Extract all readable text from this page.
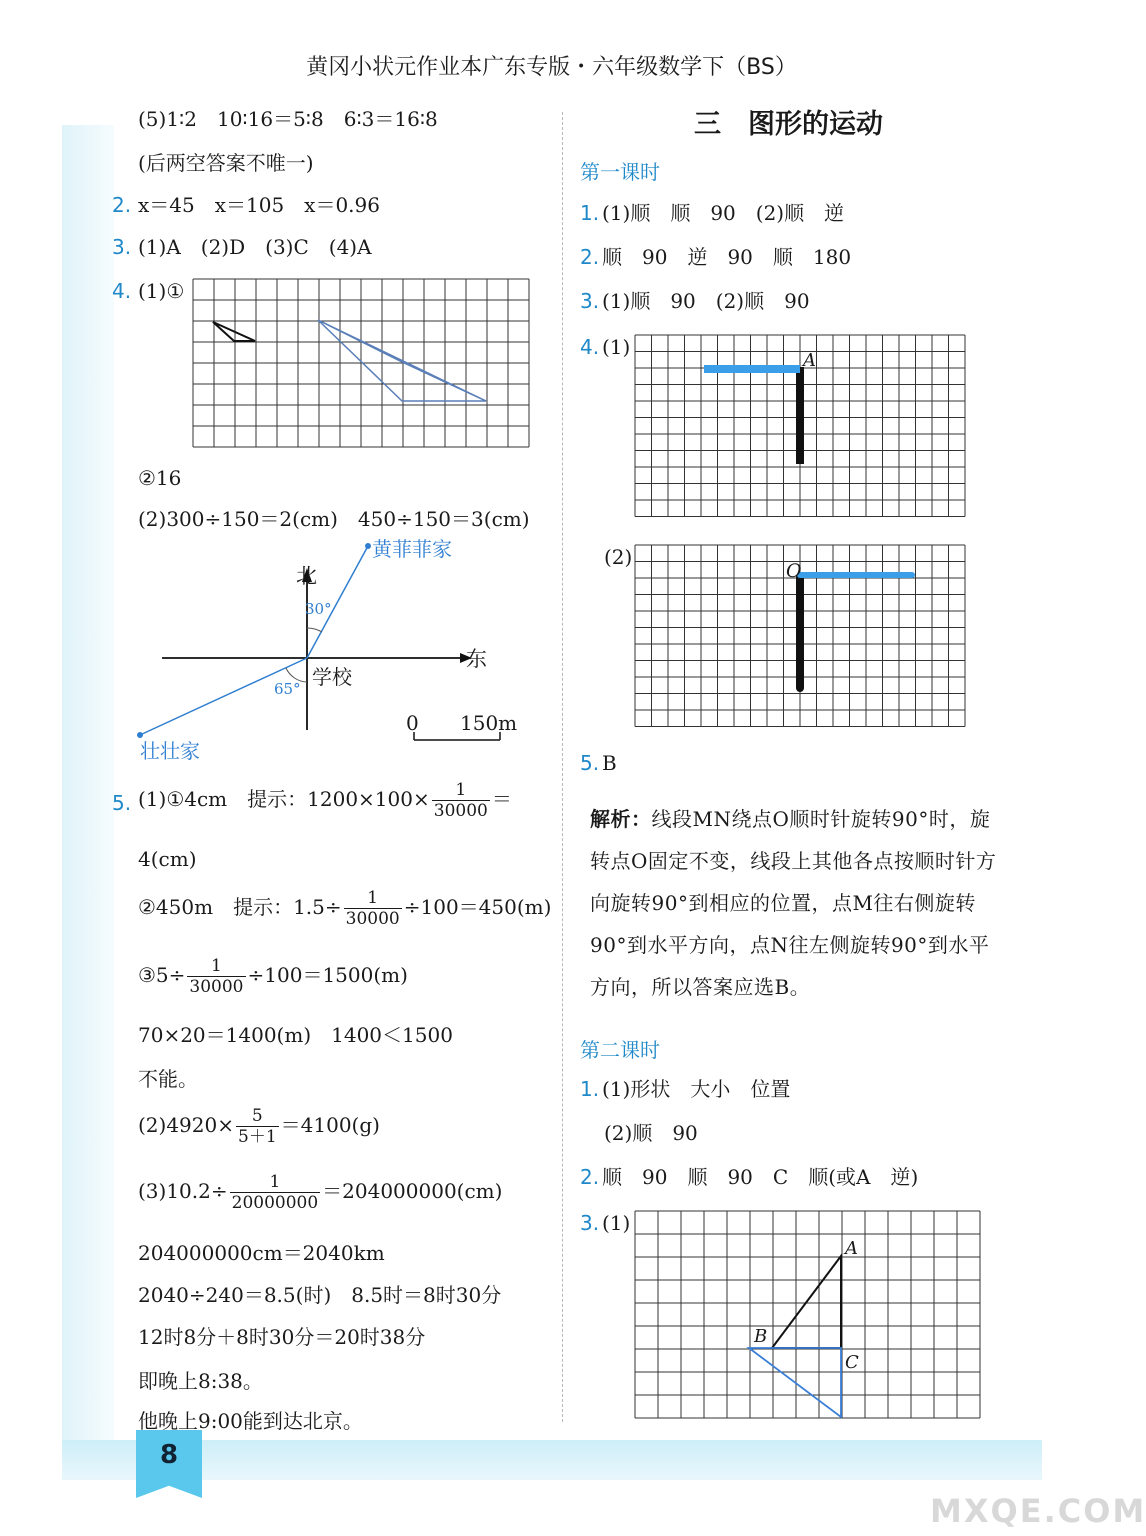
8
MXQE.COM
黄冈小状元作业本广东专版・六年级数学下（BS）
(5)1∶2　10∶16＝5∶8　6∶3＝16∶8
(后两空答案不唯一)
2. x＝45　x＝105　x＝0.96
3. (1)A　(2)D　(3)C　(4)A
4. (1)①
②16
(2)300÷150＝2(cm)　450÷150＝3(cm)
北
东
学校
黄菲菲家
壮壮家
30°
65°
0 150m
5. (1)①4cm　提示：$1200\times 100\times \frac{1}{30000}$ ＝
4(cm)
②450m　提示：$1.5\div \frac{1}{30000} \div 100=450(m)$
③5÷ $\frac{1}{30000} \div 100=1500(m)$
70×20＝1400(m)　1400＜1500
不能。
$(2)4920\times \frac{5}{5+1} =4100(g)$
$(3)10.2\div \frac{1}{20000000} =204000000(cm)$
204000000cm＝2040km
2040÷240＝8.5(时)　8.5时＝8时30分
12时8分＋8时30分＝20时38分
即晚上8:38。
他晚上9:00能到达北京。
三　图形的运动
第一课时
1. (1)顺　顺　90　(2)顺　逆
2. 顺　90　逆　90　顺　180
3. (1)顺　90　(2)顺　90
4. (1)
A
(2)
O
5. B
解析：线段MN绕点O顺时针旋转90°时，旋转点O固定不变，线段上其他各点按顺时针方向旋转90°到相应的位置，点M往右侧旋转90°到水平方向，点N往左侧旋转90°到水平方向，所以答案应选B。
第二课时
1. (1)形状　大小　位置
(2)顺　90
2. 顺　90　顺　90　C　顺(或A　逆)
3. (1)
A
B
C
